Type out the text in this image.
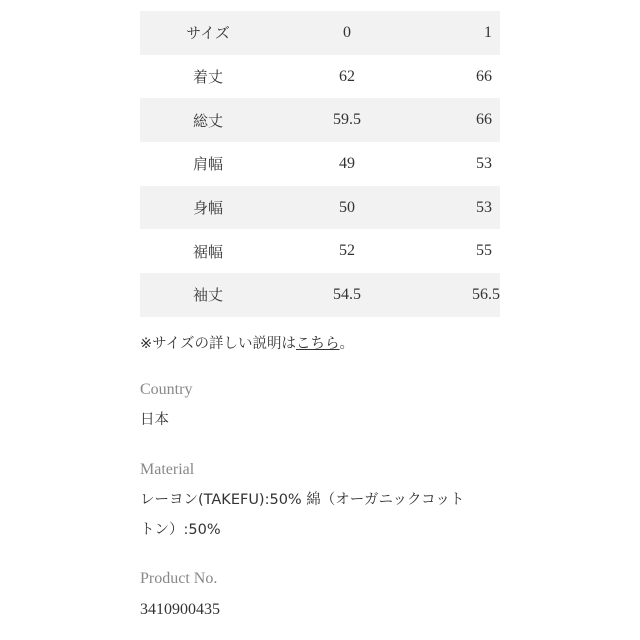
サイズ	0	1
着丈	62	66
総丈	59.5	66
肩幅	49	53
身幅	50	53
裾幅	52	55
袖丈	54.5	56.5
※サイズの詳しい説明はこちら。
Country
日本
Material
レーヨン(TAKEFU):50% 綿（オーガニックコット
トン）:50%
Product No.
3410900435
